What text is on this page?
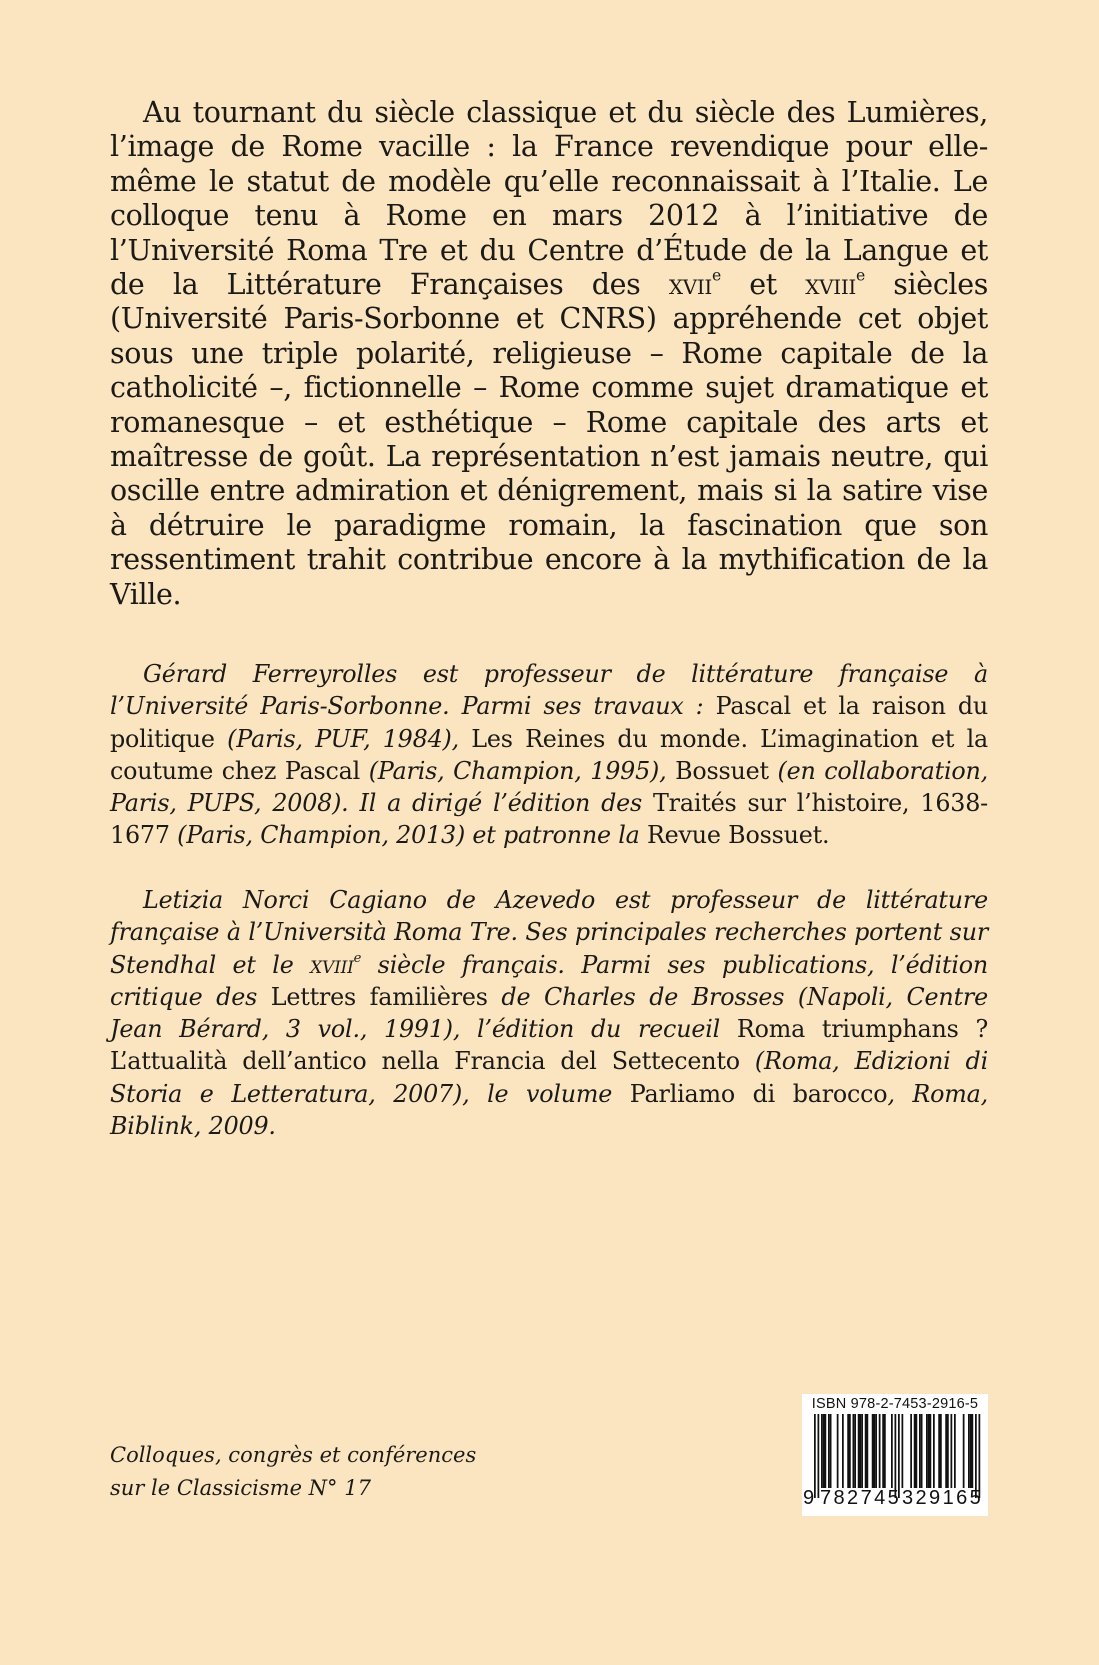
Au tournant du siècle classique et du siècle des Lumières, l’image de Rome vacille : la France revendique pour elle-même le statut de modèle qu’elle reconnaissait à l’Italie. Le colloque tenu à Rome en mars 2012 à l’initiative de l’Université Roma Tre et du Centre d’Étude de la Langue et de la Littérature Françaises des xvii$^e$ et xviii$^e$ siècles (Université Paris-Sorbonne et CNRS) appréhende cet objet sous une triple polarité, religieuse – Rome capitale de la catholicité –, fictionnelle – Rome comme sujet dramatique et romanesque – et esthétique – Rome capitale des arts et maîtresse de goût. La représentation n’est jamais neutre, qui oscille entre admiration et dénigrement, mais si la satire vise à détruire le paradigme romain, la fascination que son ressentiment trahit contribue encore à la mythification de la Ville.

Gérard Ferreyrolles est professeur de littérature française à l’Université Paris-Sorbonne. Parmi ses travaux : Pascal et la raison du politique (Paris, PUF, 1984), Les Reines du monde. L’imagination et la coutume chez Pascal (Paris, Champion, 1995), Bossuet (en collaboration, Paris, PUPS, 2008). Il a dirigé l’édition des Traités sur l’histoire, 1638-1677 (Paris, Champion, 2013) et patronne la Revue Bossuet.

Letizia Norci Cagiano de Azevedo est professeur de littérature française à l’Università Roma Tre. Ses principales recherches portent sur Stendhal et le xviii$^e$ siècle français. Parmi ses publications, l’édition critique des Lettres familières de Charles de Brosses (Napoli, Centre Jean Bérard, 3 vol., 1991), l’édition du recueil Roma triumphans ? L’attualità dell’antico nella Francia del Settecento (Roma, Edizioni di Storia e Letteratura, 2007), le volume Parliamo di barocco, Roma, Biblink, 2009.

Colloques, congrès et conférences
sur le Classicisme N° 17
ISBN 978-2-7453-2916-5
9 782745 329165
